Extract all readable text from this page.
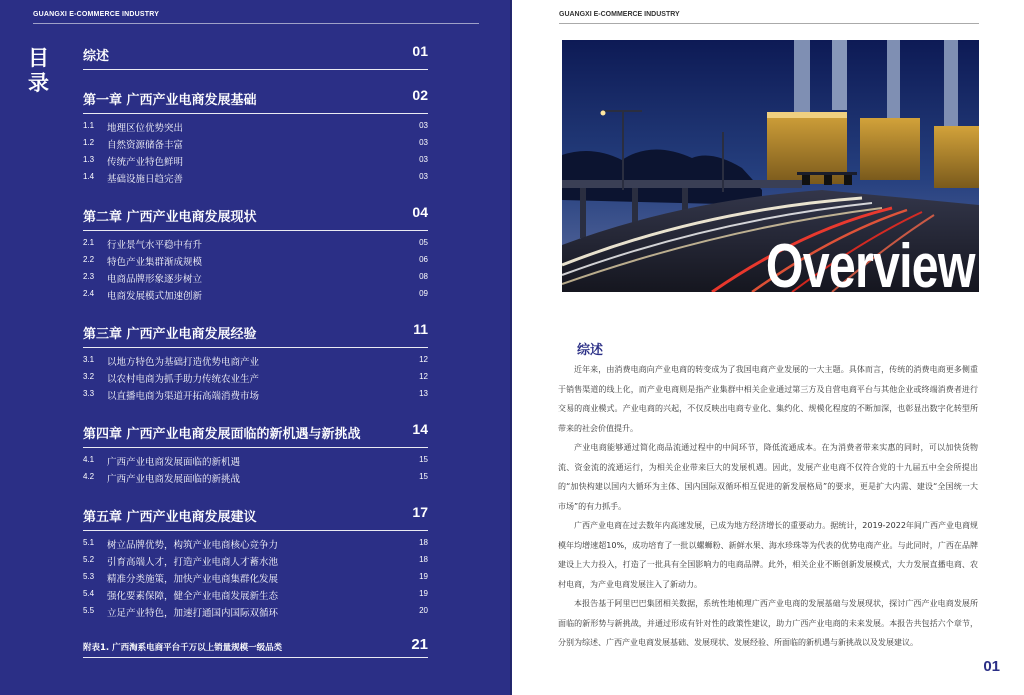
GUANGXI E-COMMERCE INDUSTRY
目
录
综述	01
第一章 广西产业电商发展基础	02
1.1 地理区位优势突出	03
1.2 自然资源储备丰富	03
1.3 传统产业特色鲜明	03
1.4 基础设施日趋完善	03
第二章 广西产业电商发展现状	04
2.1 行业景气水平稳中有升	05
2.2 特色产业集群渐成规模	06
2.3 电商品牌形象逐步树立	08
2.4 电商发展模式加速创新	09
第三章 广西产业电商发展经验	11
3.1 以地方特色为基础打造优势电商产业	12
3.2 以农村电商为抓手助力传统农业生产	12
3.3 以直播电商为渠道开拓高端消费市场	13
第四章 广西产业电商发展面临的新机遇与新挑战	14
4.1 广西产业电商发展面临的新机遇	15
4.2 广西产业电商发展面临的新挑战	15
第五章 广西产业电商发展建议	17
5.1 树立品牌优势，构筑产业电商核心竞争力	18
5.2 引育高端人才，打造产业电商人才蓄水池	18
5.3 精准分类施策，加快产业电商集群化发展	19
5.4 强化要素保障，健全产业电商发展新生态	19
5.5 立足产业特色，加速打通国内国际双循环	20
附表1. 广西淘系电商平台千万以上销量规模一级品类	21
GUANGXI E-COMMERCE INDUSTRY
Overview
综述

近年来，由消费电商向产业电商的转变成为了我国电商产业发展的一大主题。具体而言，传统的消费电商更多侧重于销售渠道的线上化，而产业电商则是指产业集群中相关企业通过第三方及自营电商平台与其他企业或终端消费者进行交易的商业模式。产业电商的兴起，不仅反映出电商专业化、集约化、规模化程度的不断加深，也彰显出数字化转型所带来的社会价值提升。

产业电商能够通过简化商品流通过程中的中间环节，降低流通成本。在为消费者带来实惠的同时，可以加快货物流、资金流的流通运行，为相关企业带来巨大的发展机遇。因此，发展产业电商不仅符合党的十九届五中全会所提出的“加快构建以国内大循环为主体、国内国际双循环相互促进的新发展格局”的要求，更是扩大内需、建设“全国统一大市场”的有力抓手。

广西产业电商在过去数年内高速发展，已成为地方经济增长的重要动力。据统计，2019-2022年间广西产业电商规模年均增速超10%，成功培育了一批以螺蛳粉、新鲜水果、海水珍珠等为代表的优势电商产业。与此同时，广西在品牌建设上大力投入，打造了一批具有全国影响力的电商品牌。此外，相关企业不断创新发展模式，大力发展直播电商、农村电商，为产业电商发展注入了新动力。

本报告基于阿里巴巴集团相关数据，系统性地梳理广西产业电商的发展基础与发展现状，探讨广西产业电商发展所面临的新形势与新挑战，并通过形成有针对性的政策性建议，助力广西产业电商的未来发展。本报告共包括六个章节，分别为综述、广西产业电商发展基础、发展现状、发展经验、所面临的新机遇与新挑战以及发展建议。

01
